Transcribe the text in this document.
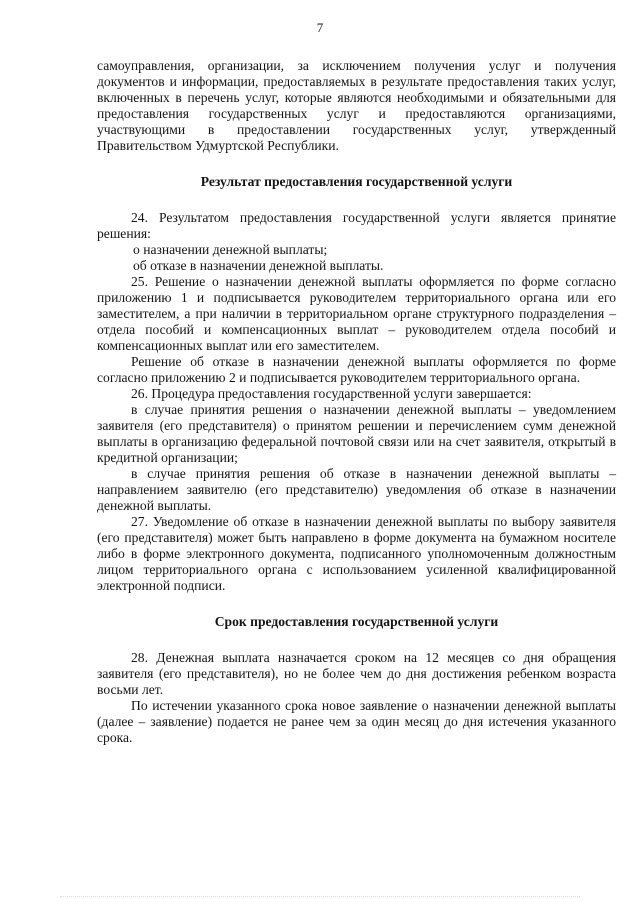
7

самоуправления, организации, за исключением получения услуг и получения документов и информации, предоставляемых в результате предоставления таких услуг, включенных в перечень услуг, которые являются необходимыми и обязательными для предоставления государственных услуг и предоставляются организациями, участвующими в предоставлении государственных услуг, утвержденный Правительством Удмуртской Республики.

Результат предоставления государственной услуги

24. Результатом предоставления государственной услуги является принятие решения:

о назначении денежной выплаты;

об отказе в назначении денежной выплаты.

25. Решение о назначении денежной выплаты оформляется по форме согласно приложению 1 и подписывается руководителем территориального органа или его заместителем, а при наличии в территориальном органе структурного подразделения – отдела пособий и компенсационных выплат – руководителем отдела пособий и компенсационных выплат или его заместителем.

Решение об отказе в назначении денежной выплаты оформляется по форме согласно приложению 2 и подписывается руководителем территориального органа.

26. Процедура предоставления государственной услуги завершается:

в случае принятия решения о назначении денежной выплаты – уведомлением заявителя (его представителя) о принятом решении и перечислением сумм денежной выплаты в организацию федеральной почтовой связи или на счет заявителя, открытый в кредитной организации;

в случае принятия решения об отказе в назначении денежной выплаты – направлением заявителю (его представителю) уведомления об отказе в назначении денежной выплаты.

27. Уведомление об отказе в назначении денежной выплаты по выбору заявителя (его представителя) может быть направлено в форме документа на бумажном носителе либо в форме электронного документа, подписанного уполномоченным должностным лицом территориального органа с использованием усиленной квалифицированной электронной подписи.

Срок предоставления государственной услуги

28. Денежная выплата назначается сроком на 12 месяцев со дня обращения заявителя (его представителя), но не более чем до дня достижения ребенком возраста восьми лет.

По истечении указанного срока новое заявление о назначении денежной выплаты (далее – заявление) подается не ранее чем за один месяц до дня истечения указанного срока.
